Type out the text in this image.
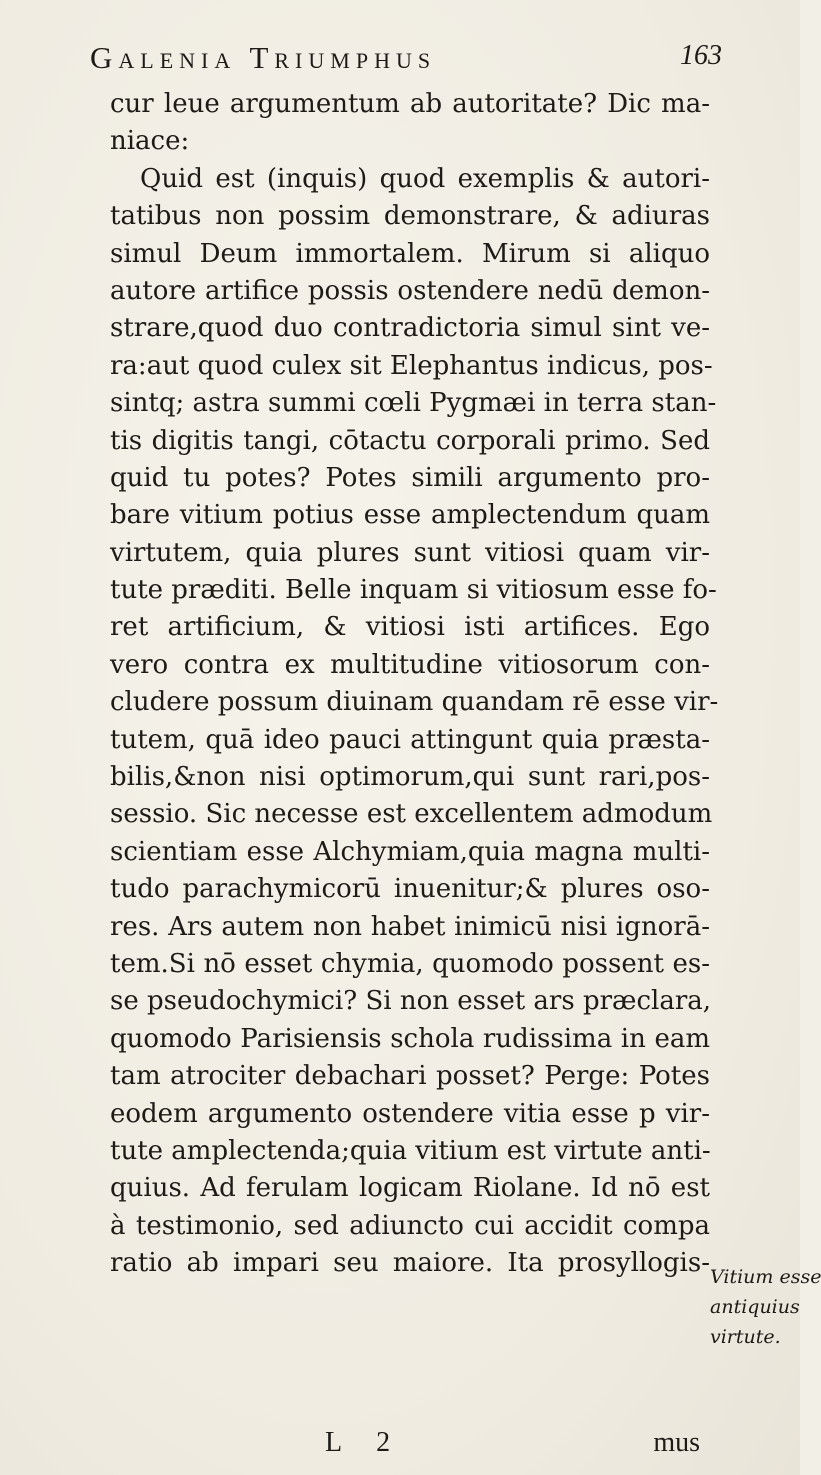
Galenia Triumphus	163
cur leue argumentum ab autoritate? Dic ma-
niace:
Quid est (inquis) quod exemplis & autori-
tatibus non possim demonstrare, & adiuras
simul Deum immortalem. Mirum si aliquo
autore artifice possis ostendere nedū demon-
strare,quod duo contradictoria simul sint ve-
ra:aut quod culex sit Elephantus indicus, pos-
sintq; astra summi cœli Pygmæi in terra stan-
tis digitis tangi, cōtactu corporali primo. Sed
quid tu potes? Potes simili argumento pro-
bare vitium potius esse amplectendum quam
virtutem, quia plures sunt vitiosi quam vir-
tute præditi. Belle inquam si vitiosum esse fo-
ret artificium, & vitiosi isti artifices. Ego
vero contra ex multitudine vitiosorum con-
cludere possum diuinam quandam rē esse vir-
tutem, quā ideo pauci attingunt quia præsta-
bilis,&non nisi optimorum,qui sunt rari,pos-
sessio. Sic necesse est excellentem admodum
scientiam esse Alchymiam,quia magna multi-
tudo parachymicorū inuenitur;& plures oso-
res. Ars autem non habet inimicū nisi ignorā-
tem.Si nō esset chymia, quomodo possent es-
se pseudochymici? Si non esset ars præclara,
quomodo Parisiensis schola rudissima in eam
tam atrociter debachari posset? Perge: Potes
eodem argumento ostendere vitia esse p vir-
tute amplectenda;quia vitium est virtute anti-
quius. Ad ferulam logicam Riolane. Id nō est
à testimonio, sed adiuncto cui accidit compa
ratio ab impari seu maiore. Ita prosyllogis- Vitium esse
antiquius
virtute.
L 2	mus
